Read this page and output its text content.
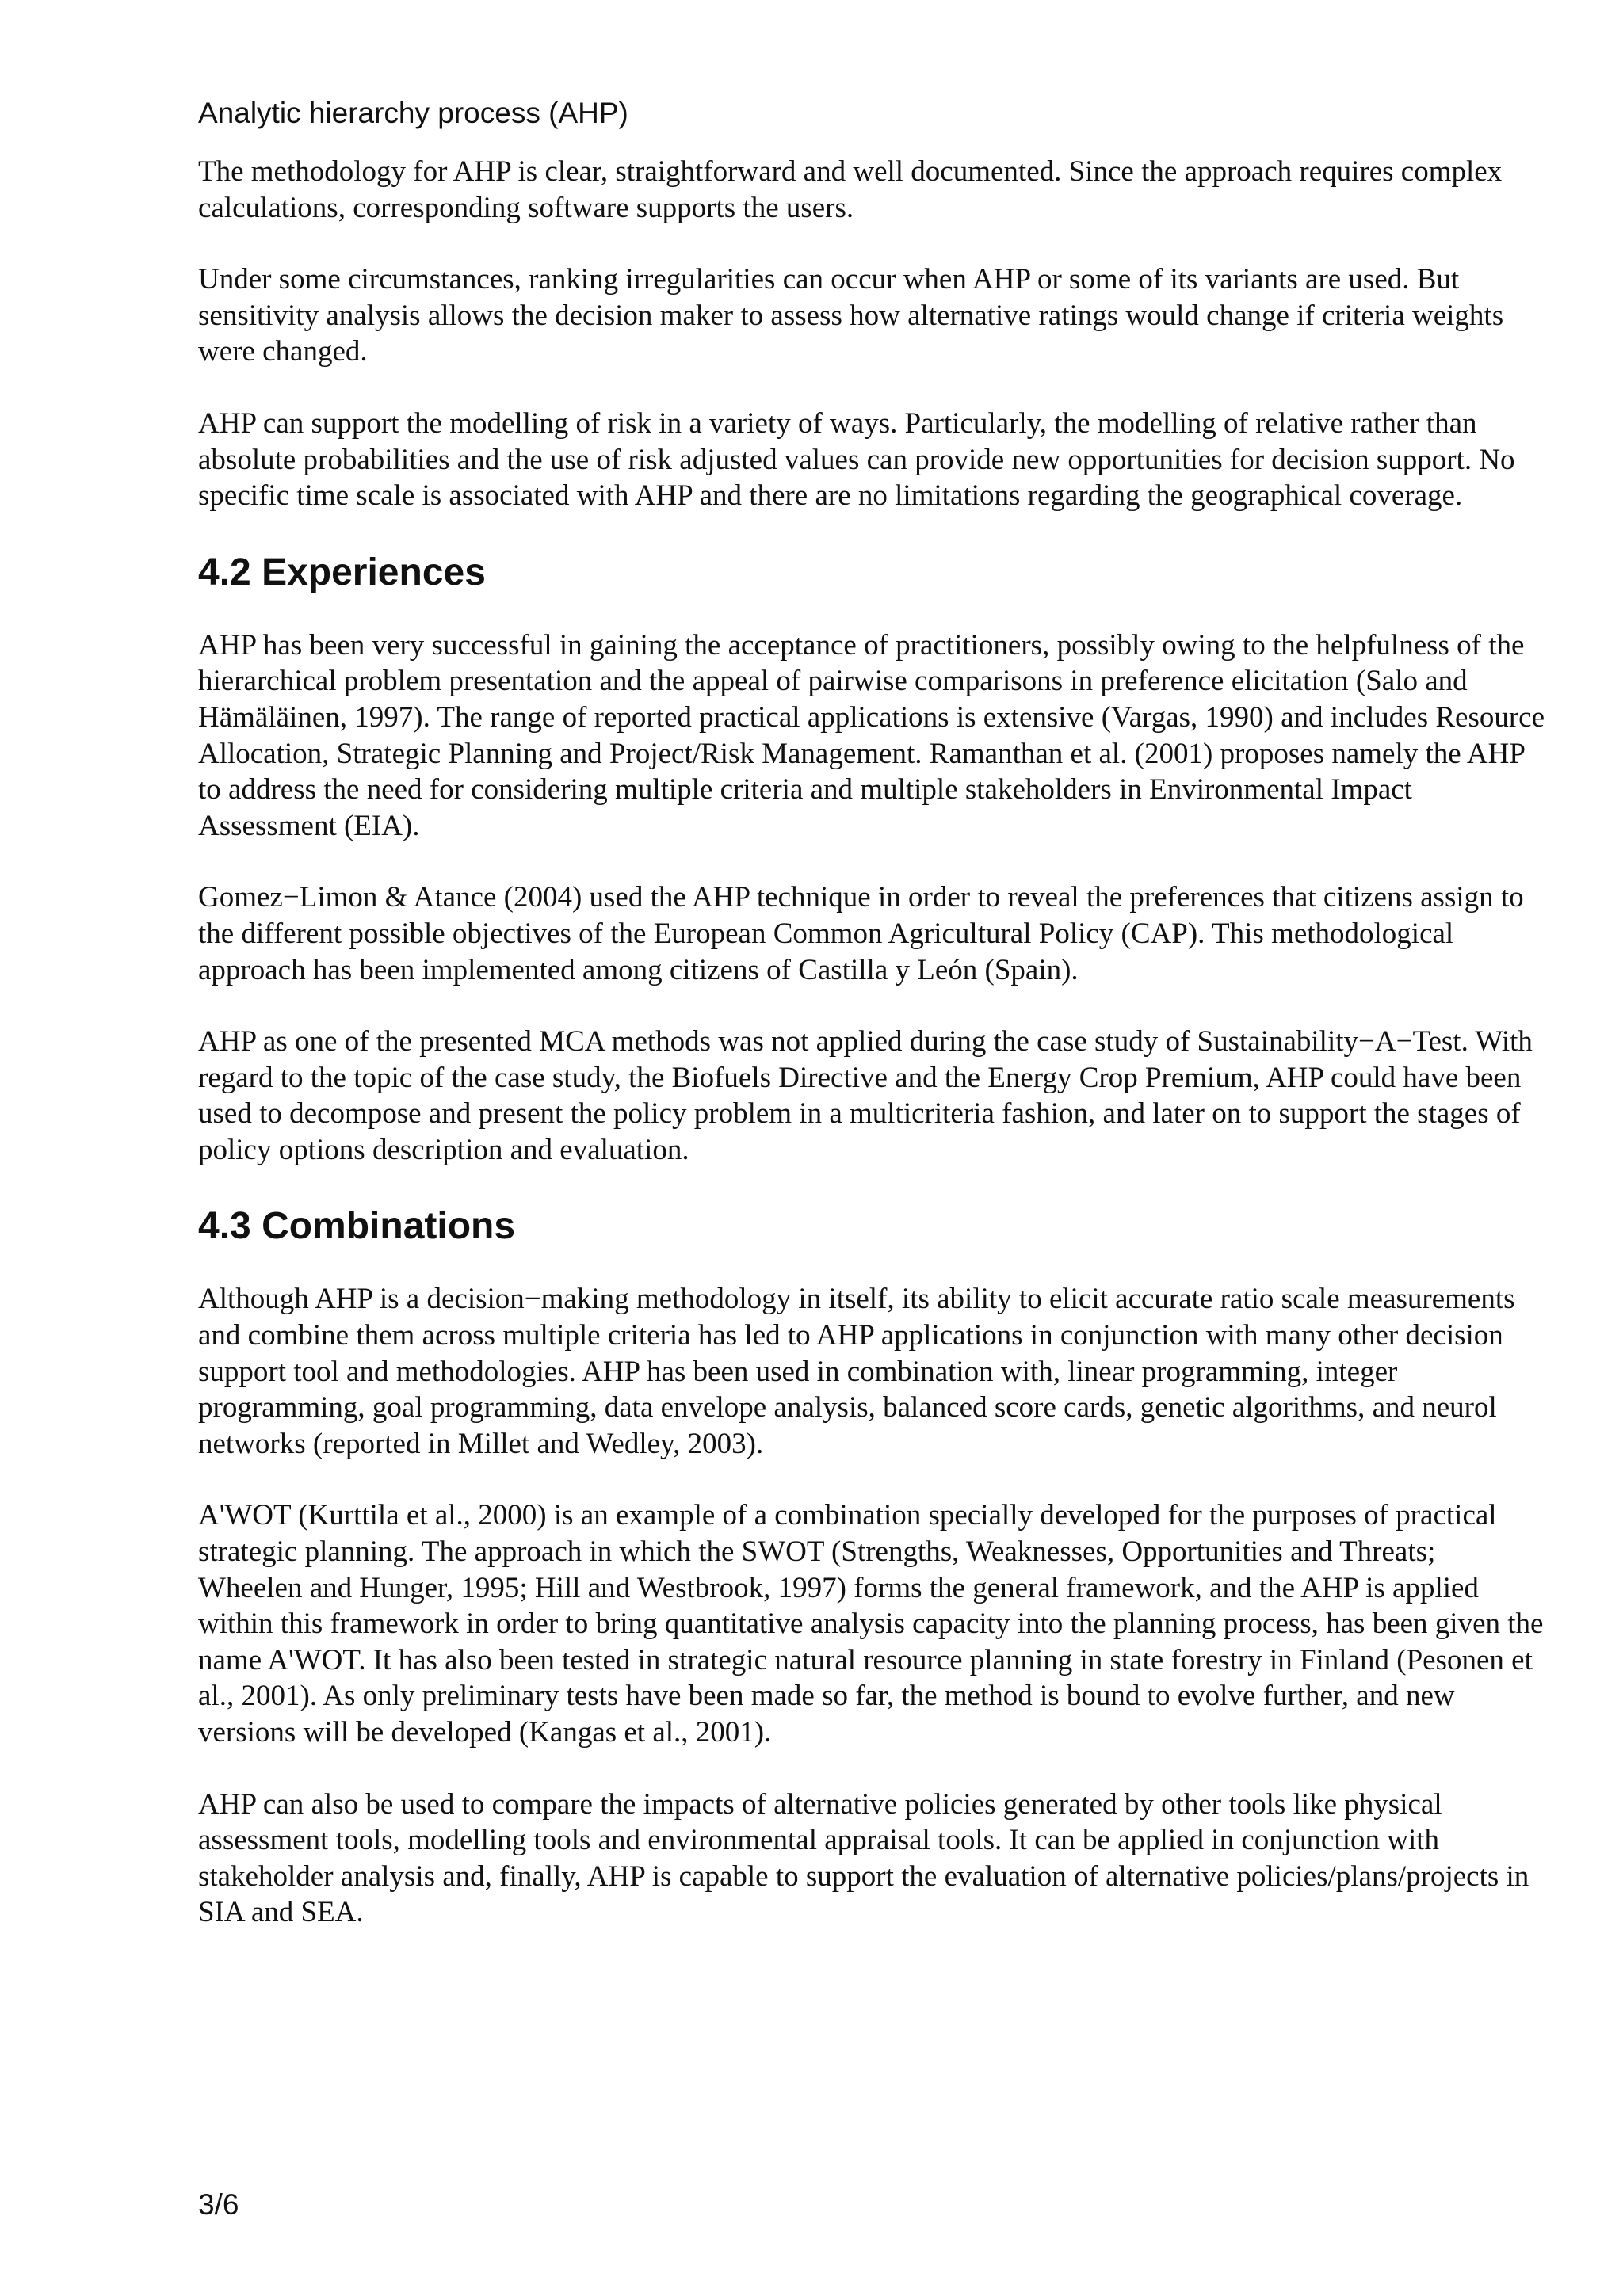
Analytic hierarchy process (AHP)

The methodology for AHP is clear, straightforward and well documented. Since the approach requires complex calculations, corresponding software supports the users.

Under some circumstances, ranking irregularities can occur when AHP or some of its variants are used. But sensitivity analysis allows the decision maker to assess how alternative ratings would change if criteria weights were changed.

AHP can support the modelling of risk in a variety of ways. Particularly, the modelling of relative rather than absolute probabilities and the use of risk adjusted values can provide new opportunities for decision support. No specific time scale is associated with AHP and there are no limitations regarding the geographical coverage.

4.2 Experiences

AHP has been very successful in gaining the acceptance of practitioners, possibly owing to the helpfulness of the hierarchical problem presentation and the appeal of pairwise comparisons in preference elicitation (Salo and Hämäläinen, 1997). The range of reported practical applications is extensive (Vargas, 1990) and includes Resource Allocation, Strategic Planning and Project/Risk Management. Ramanthan et al. (2001) proposes namely the AHP to address the need for considering multiple criteria and multiple stakeholders in Environmental Impact Assessment (EIA).

Gomez−Limon & Atance (2004) used the AHP technique in order to reveal the preferences that citizens assign to the different possible objectives of the European Common Agricultural Policy (CAP). This methodological approach has been implemented among citizens of Castilla y León (Spain).

AHP as one of the presented MCA methods was not applied during the case study of Sustainability−A−Test. With regard to the topic of the case study, the Biofuels Directive and the Energy Crop Premium, AHP could have been used to decompose and present the policy problem in a multicriteria fashion, and later on to support the stages of policy options description and evaluation.

4.3 Combinations

Although AHP is a decision−making methodology in itself, its ability to elicit accurate ratio scale measurements and combine them across multiple criteria has led to AHP applications in conjunction with many other decision support tool and methodologies. AHP has been used in combination with, linear programming, integer programming, goal programming, data envelope analysis, balanced score cards, genetic algorithms, and neurol networks (reported in Millet and Wedley, 2003).

A'WOT (Kurttila et al., 2000) is an example of a combination specially developed for the purposes of practical strategic planning. The approach in which the SWOT (Strengths, Weaknesses, Opportunities and Threats; Wheelen and Hunger, 1995; Hill and Westbrook, 1997) forms the general framework, and the AHP is applied within this framework in order to bring quantitative analysis capacity into the planning process, has been given the name A'WOT. It has also been tested in strategic natural resource planning in state forestry in Finland (Pesonen et al., 2001). As only preliminary tests have been made so far, the method is bound to evolve further, and new versions will be developed (Kangas et al., 2001).

AHP can also be used to compare the impacts of alternative policies generated by other tools like physical assessment tools, modelling tools and environmental appraisal tools. It can be applied in conjunction with stakeholder analysis and, finally, AHP is capable to support the evaluation of alternative policies/plans/projects in SIA and SEA.

3/6
